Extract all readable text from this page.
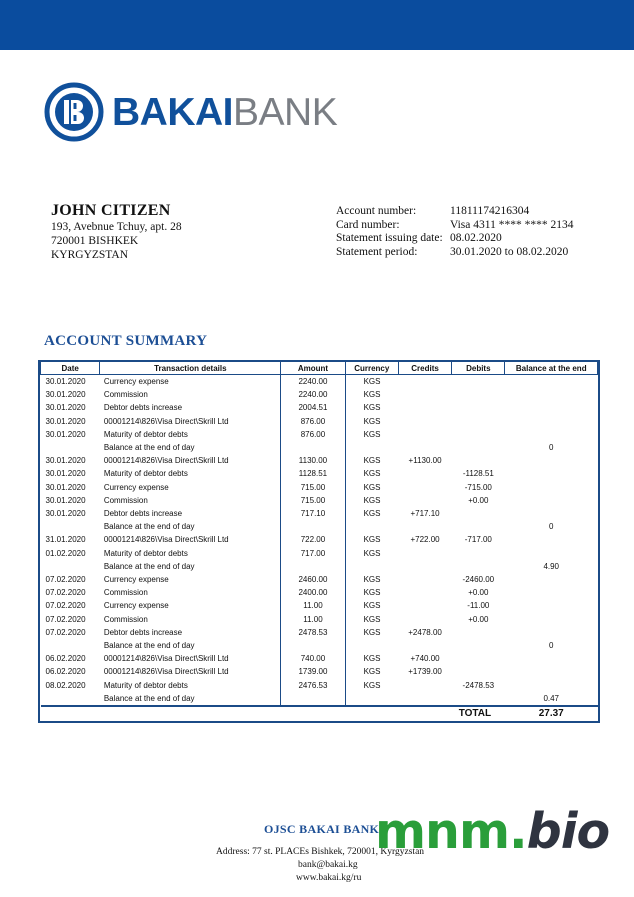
BAKAIBANK
JOHN CITIZEN
193, Avebnue Tchuy, apt. 28
720001 BISHKEK
KYRGYZSTAN
Account number:	11811174216304
Card number:	Visa 4311 **** **** 2134
Statement issuing date: 08.02.2020
Statement period:	30.01.2020 to 08.02.2020
ACCOUNT SUMMARY
Date	Transaction details	Amount	Currency	Credits	Debits	Balance at the end
30.01.2020	Currency expense	2240.00	KGS			
30.01.2020	Commission	2240.00	KGS			
30.01.2020	Debtor debts increase	2004.51	KGS			
30.01.2020	00001214\826\Visa Direct\Skrill Ltd	876.00	KGS			
30.01.2020	Maturity of debtor debts	876.00	KGS			
	Balance at the end of day					0
30.01.2020	00001214\826\Visa Direct\Skrill Ltd	1130.00	KGS	+1130.00		
30.01.2020	Maturity of debtor debts	1128.51	KGS		-1128.51	
30.01.2020	Currency expense	715.00	KGS		-715.00	
30.01.2020	Commission	715.00	KGS		+0.00	
30.01.2020	Debtor debts increase	717.10	KGS	+717.10		
	Balance at the end of day					0
31.01.2020	00001214\826\Visa Direct\Skrill Ltd	722.00	KGS	+722.00	-717.00	
01.02.2020	Maturity of debtor debts	717.00	KGS			
	Balance at the end of day					4.90
07.02.2020	Currency expense	2460.00	KGS		-2460.00	
07.02.2020	Commission	2400.00	KGS		+0.00	
07.02.2020	Currency expense	11.00	KGS		-11.00	
07.02.2020	Commission	11.00	KGS		+0.00	
07.02.2020	Debtor debts increase	2478.53	KGS	+2478.00		
	Balance at the end of day					0
06.02.2020	00001214\826\Visa Direct\Skrill Ltd	740.00	KGS	+740.00		
06.02.2020	00001214\826\Visa Direct\Skrill Ltd	1739.00	KGS	+1739.00		
08.02.2020	Maturity of debtor debts	2476.53	KGS		-2478.53	
	Balance at the end of day					0.47
					TOTAL	27.37
OJSC BAKAI BANK
Address: 77 st. PLACEs Bishkek, 720001, Kyrgyzstan
bank@bakai.kg
www.bakai.kg/ru
mnm.bio
